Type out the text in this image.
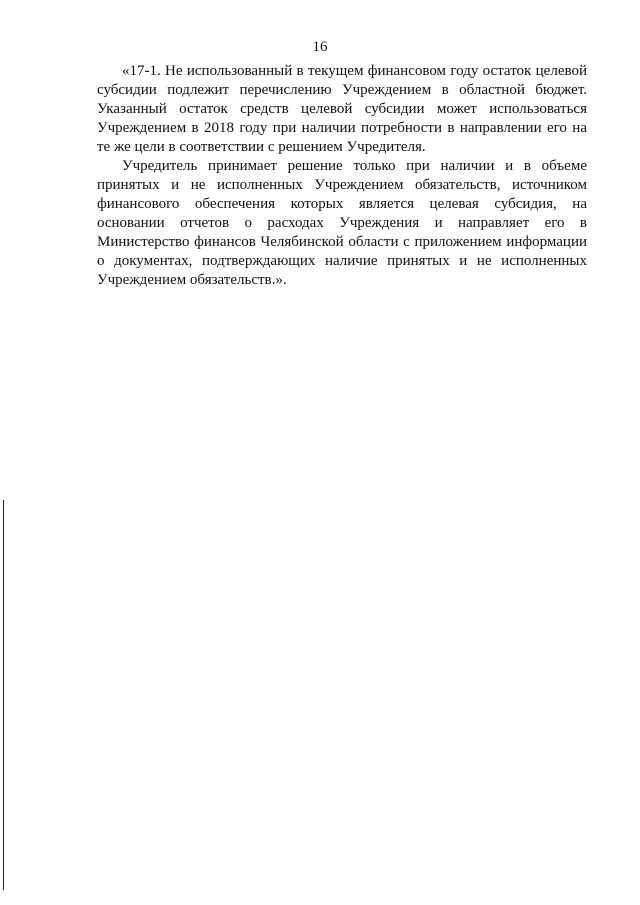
16

«17-1. Не использованный в текущем финансовом году остаток целевой субсидии подлежит перечислению Учреждением в областной бюджет. Указанный остаток средств целевой субсидии может использоваться Учреждением в 2018 году при наличии потребности в направлении его на те же цели в соответствии с решением Учредителя.

Учредитель принимает решение только при наличии и в объеме принятых и не исполненных Учреждением обязательств, источником финансового обеспечения которых является целевая субсидия, на основании отчетов о расходах Учреждения и направляет его в Министерство финансов Челябинской области с приложением информации о документах, подтверждающих наличие принятых и не исполненных Учреждением обязательств.».
